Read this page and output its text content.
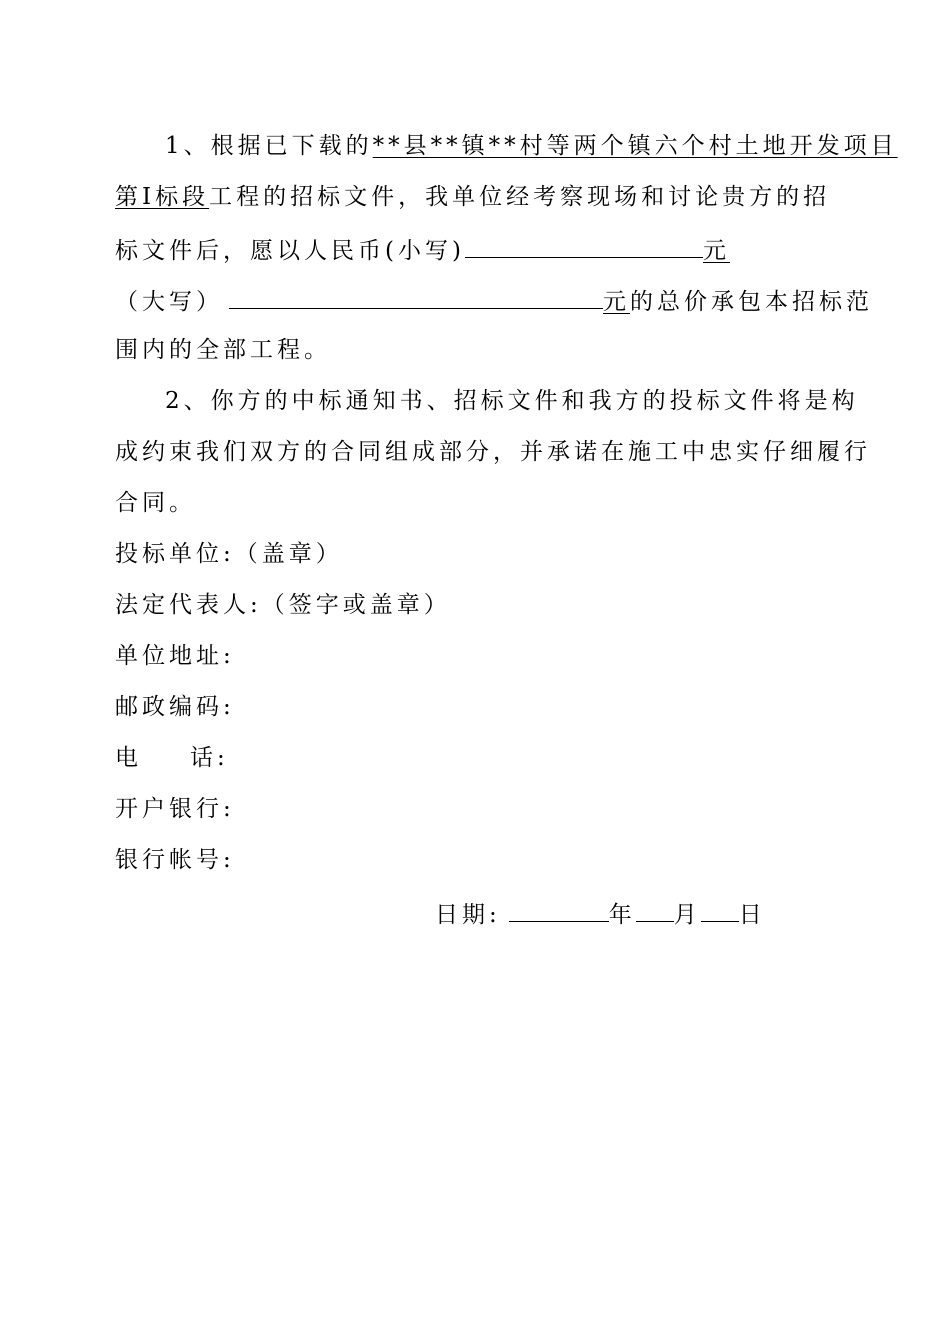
1、根据已下载的**县**镇**村等两个镇六个村土地开发项目
第Ⅰ标段工程的招标文件，我单位经考察现场和讨论贵方的招
标文件后，愿以人民币(小写)	元
（大写）	元的总价承包本招标范
围内的全部工程。
2、你方的中标通知书、招标文件和我方的投标文件将是构
成约束我们双方的合同组成部分，并承诺在施工中忠实仔细履行
合同。
投标单位:（盖章）
法定代表人:（签字或盖章）
单位地址:
邮政编码:
电 话:
开户银行:
银行帐号:
日期:	年 月 日
